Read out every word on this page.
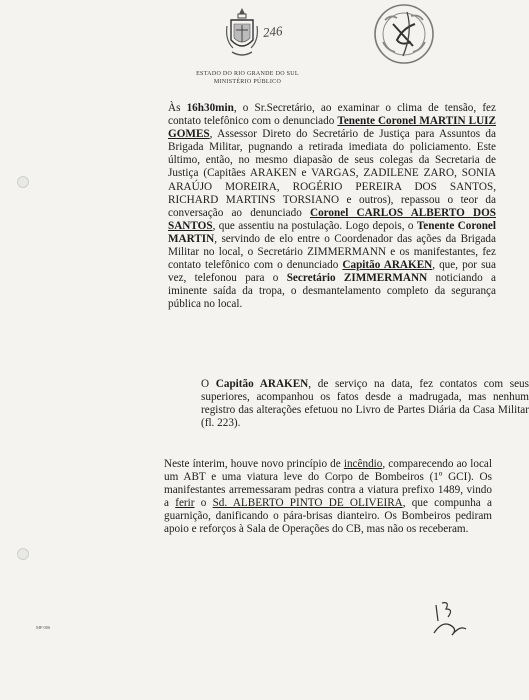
246
ESTADO DO RIO GRANDE DO SUL
MINISTÉRIO PÚBLICO
Às 16h30min, o Sr.Secretário, ao examinar o clima de tensão, fez contato telefônico com o denunciado Tenente Coronel MARTIN LUIZ GOMES, Assessor Direto do Secretário de Justiça para Assuntos da Brigada Militar, pugnando a retirada imediata do policiamento. Este último, então, no mesmo diapasão de seus colegas da Secretaria de Justiça (Capitães ARAKEN e VARGAS, ZADILENE ZARO, SONIA ARAÚJO MOREIRA, ROGÉRIO PEREIRA DOS SANTOS, RICHARD MARTINS TORSIANO e outros), repassou o teor da conversação ao denunciado Coronel CARLOS ALBERTO DOS SANTOS, que assentiu na postulação. Logo depois, o Tenente Coronel MARTIN, servindo de elo entre o Coordenador das ações da Brigada Militar no local, o Secretário ZIMMERMANN e os manifestantes, fez contato telefônico com o denunciado Capitão ARAKEN, que, por sua vez, telefonou para o Secretário ZIMMERMANN noticiando a iminente saída da tropa, o desmantelamento completo da segurança pública no local.
O Capitão ARAKEN, de serviço na data, fez contatos com seus superiores, acompanhou os fatos desde a madrugada, mas nenhum registro das alterações efetuou no Livro de Partes Diária da Casa Militar (fl. 223).
Neste ínterim, houve novo princípio de incêndio, comparecendo ao local um ABT e uma viatura leve do Corpo de Bombeiros (1º GCI). Os manifestantes arremessaram pedras contra a viatura prefixo 1489, vindo a ferir o Sd. ALBERTO PINTO DE OLIVEIRA, que compunha a guarnição, danificando o pára-brisas dianteiro. Os Bombeiros pediram apoio e reforços à Sala de Operações do CB, mas não os receberam.
MP 006
